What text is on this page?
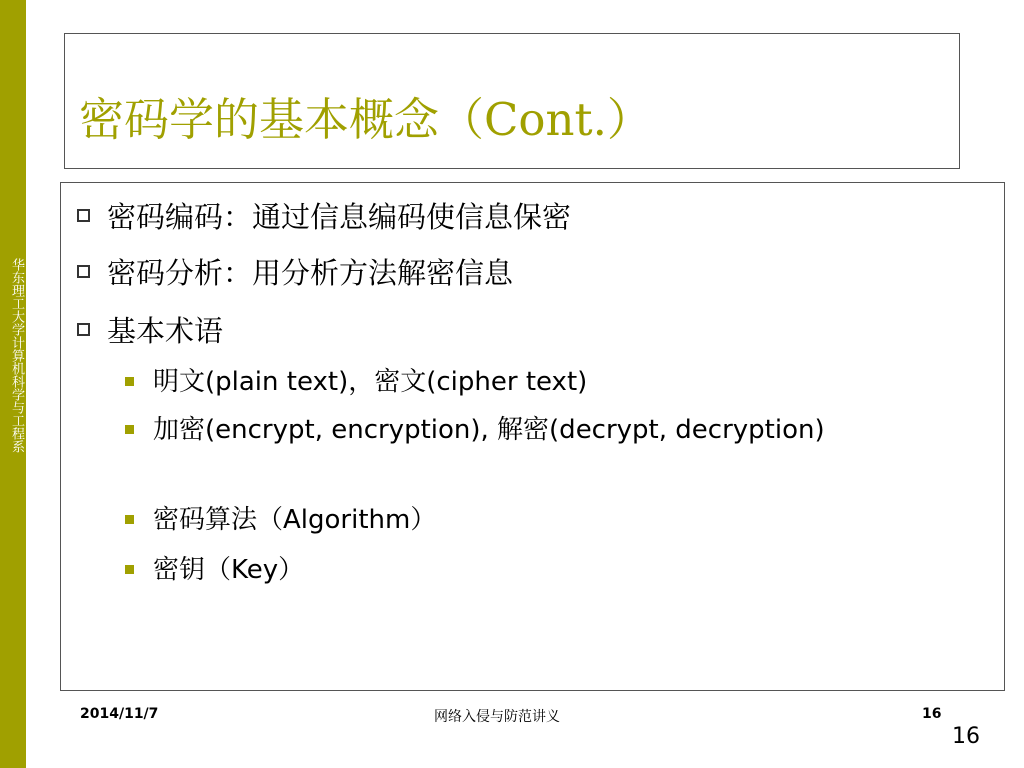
华东理工大学计算机科学与工程系
密码学的基本概念（Cont.）
密码编码：通过信息编码使信息保密
密码分析：用分析方法解密信息
基本术语
明文(plain text)，密文(cipher text)
加密(encrypt, encryption), 解密(decrypt, decryption)
密码算法（Algorithm）
密钥（Key）
2014/11/7	网络入侵与防范讲义	16
16
